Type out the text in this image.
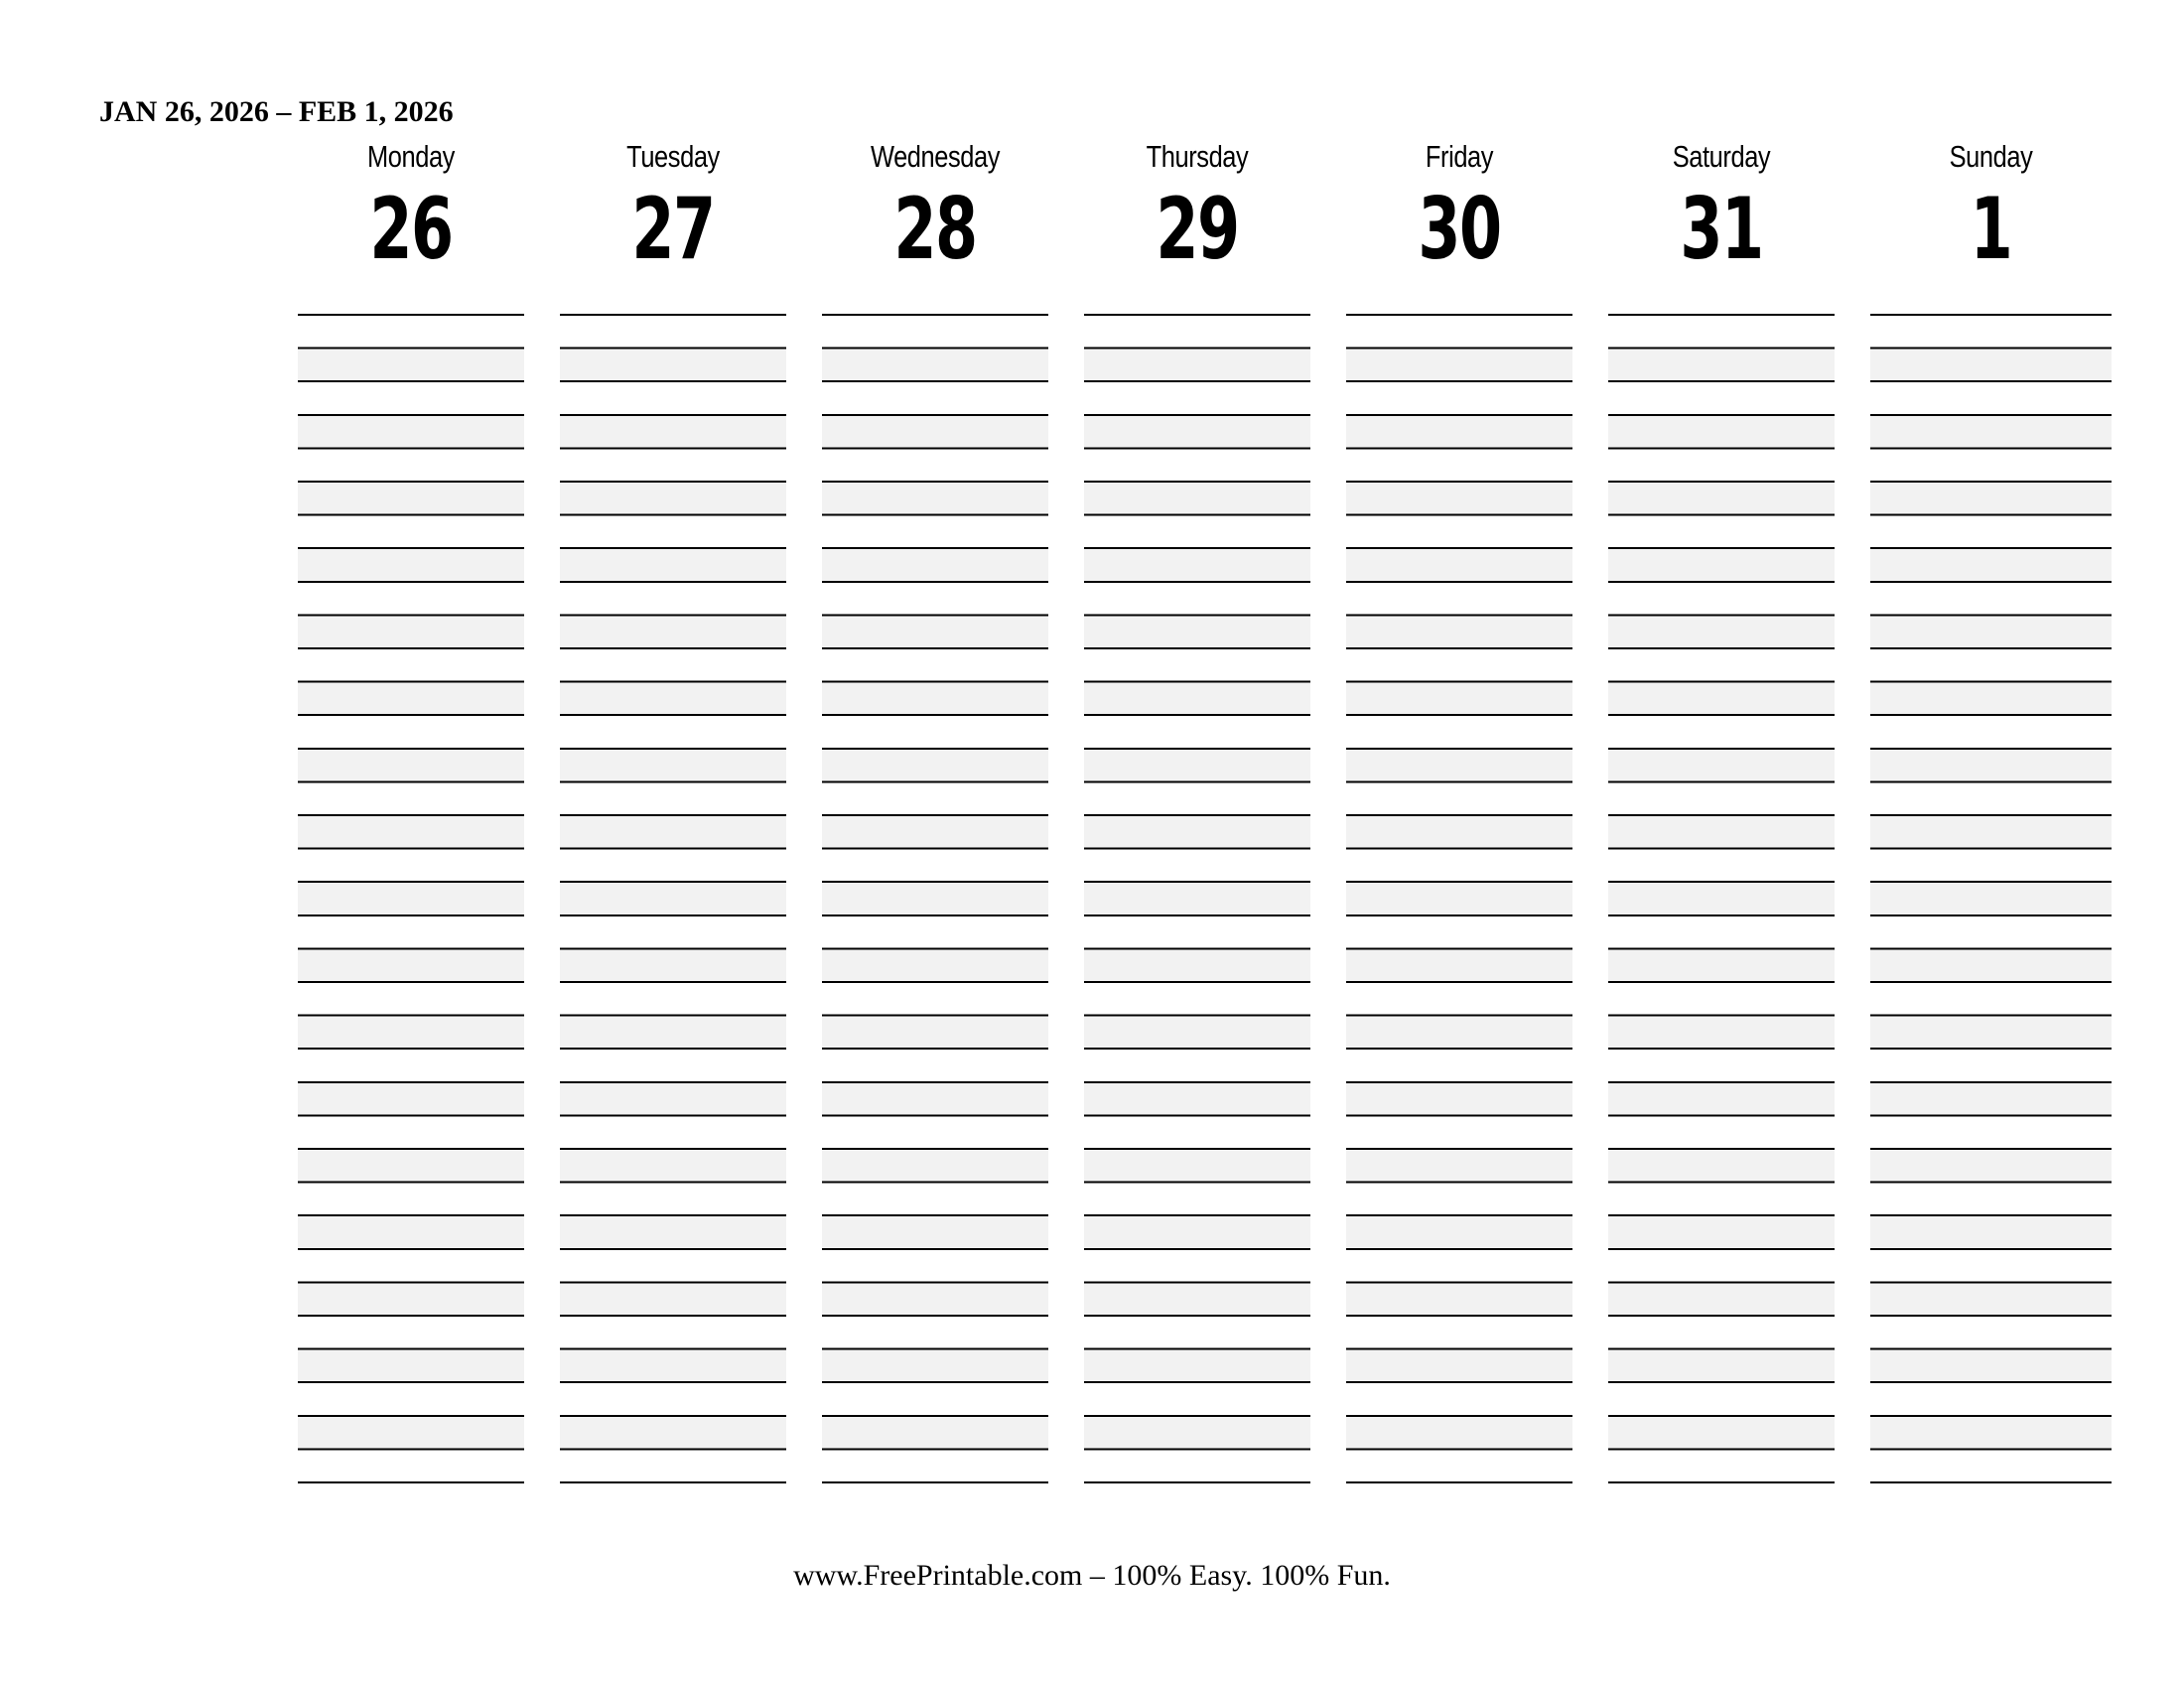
JAN 26, 2026 – FEB 1, 2026
Monday
26
Tuesday
27
Wednesday
28
Thursday
29
Friday
30
Saturday
31
Sunday
1
www.FreePrintable.com – 100% Easy. 100% Fun.
